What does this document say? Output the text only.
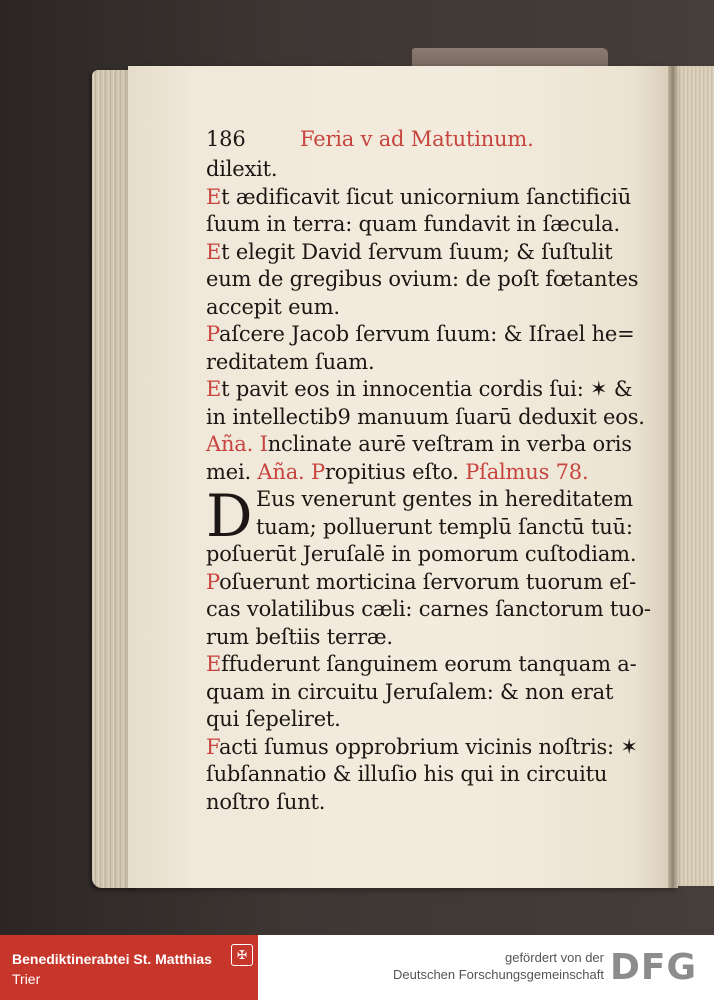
186	Feria v ad Matutinum.
dilexit.
Et ædificavit ſicut unicornium ſanctificiū
ſuum in terra: quam fundavit in ſæcula.
Et elegit David ſervum ſuum; & ſuſtulit
eum de gregibus ovium: de poſt fœtantes
accepit eum.
Paſcere Jacob ſervum ſuum: & Iſrael he=
reditatem ſuam.
Et pavit eos in innocentia cordis ſui: ✶ &
in intellectib9 manuum ſuarū deduxit eos.
Aña. Inclinate aurē veſtram in verba oris
mei. Aña. Propitius eſto. Pſalmus 78.
D Eus venerunt gentes in hereditatem
tuam; polluerunt templū ſanctū tuū:
poſuerūt Jeruſalē in pomorum cuſtodiam.
Poſuerunt morticina ſervorum tuorum eſ-
cas volatilibus cæli: carnes ſanctorum tuo-
rum beſtiis terræ.
Effuderunt ſanguinem eorum tanquam a-
quam in circuitu Jeruſalem: & non erat
qui ſepeliret.
Facti ſumus opprobrium vicinis noſtris: ✶
ſubſannatio & illuſio his qui in circuitu
noſtro ſunt.
Benediktinerabtei St. Matthias
Trier
✠	gefördert von der
Deutschen Forschungsgemeinschaft DFG
